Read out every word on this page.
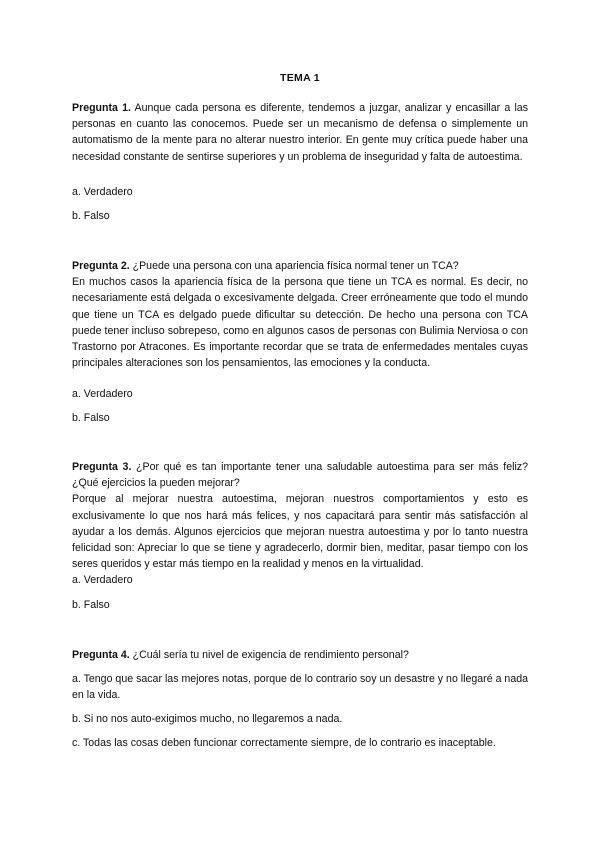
TEMA 1

Pregunta 1. Aunque cada persona es diferente, tendemos a juzgar, analizar y encasillar a las personas en cuanto las conocemos. Puede ser un mecanismo de defensa o simplemente un automatismo de la mente para no alterar nuestro interior. En gente muy crítica puede haber una necesidad constante de sentirse superiores y un problema de inseguridad y falta de autoestima.

a. Verdadero

b. Falso

Pregunta 2. ¿Puede una persona con una apariencia física normal tener un TCA?

En muchos casos la apariencia física de la persona que tiene un TCA es normal. Es decir, no necesariamente está delgada o excesivamente delgada. Creer erróneamente que todo el mundo que tiene un TCA es delgado puede dificultar su detección. De hecho una persona con TCA puede tener incluso sobrepeso, como en algunos casos de personas con Bulimia Nerviosa o con Trastorno por Atracones. Es importante recordar que se trata de enfermedades mentales cuyas principales alteraciones son los pensamientos, las emociones y la conducta.

a. Verdadero

b. Falso

Pregunta 3. ¿Por qué es tan importante tener una saludable autoestima para ser más feliz? ¿Qué ejercicios la pueden mejorar?

Porque al mejorar nuestra autoestima, mejoran nuestros comportamientos y esto es exclusivamente lo que nos hará más felices, y nos capacitará para sentir más satisfacción al ayudar a los demás. Algunos ejercicios que mejoran nuestra autoestima y por lo tanto nuestra felicidad son: Apreciar lo que se tiene y agradecerlo, dormir bien, meditar, pasar tiempo con los seres queridos y estar más tiempo en la realidad y menos en la virtualidad.

a. Verdadero

b. Falso

Pregunta 4. ¿Cuál sería tu nivel de exigencia de rendimiento personal?

a. Tengo que sacar las mejores notas, porque de lo contrario soy un desastre y no llegaré a nada en la vida.

b. Si no nos auto-exigimos mucho, no llegaremos a nada.

c. Todas las cosas deben funcionar correctamente siempre, de lo contrario es inaceptable.
